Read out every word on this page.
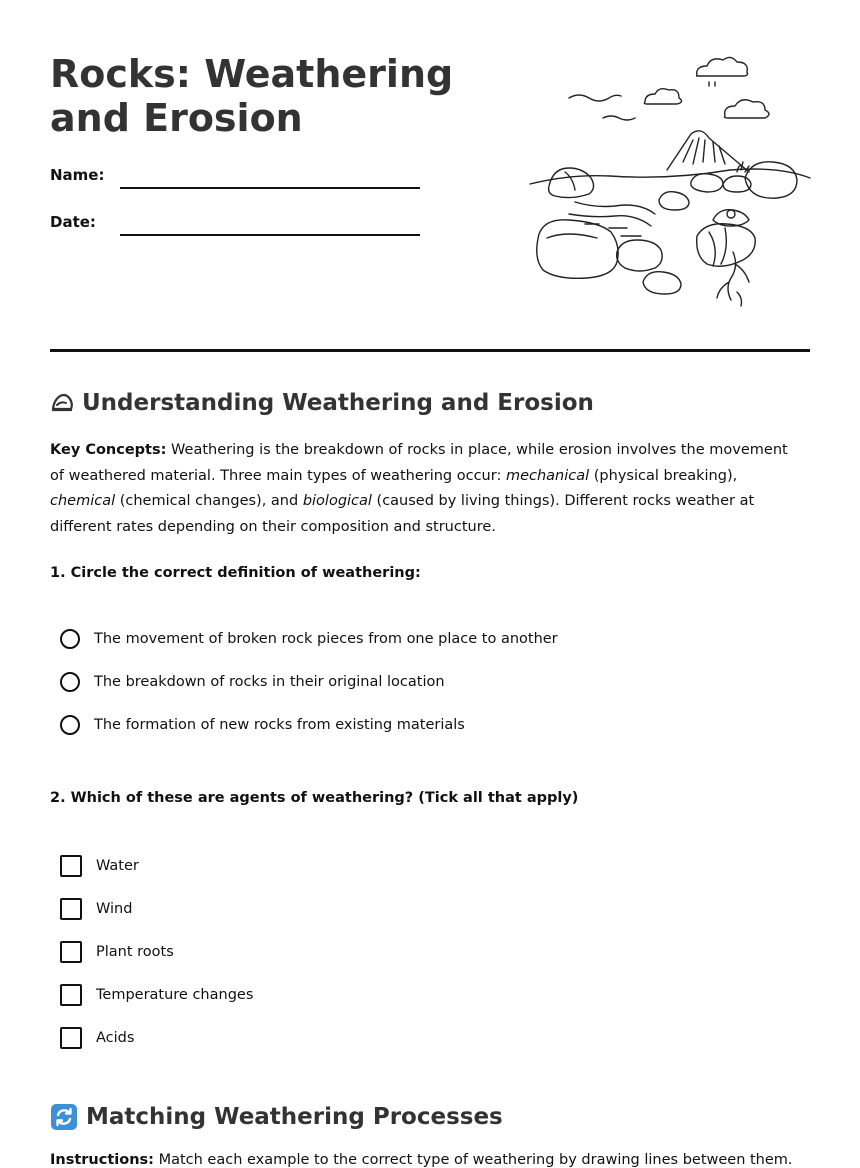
Rocks: Weathering and Erosion
Name:
Date:
Understanding Weathering and Erosion

Key Concepts: Weathering is the breakdown of rocks in place, while erosion involves the movement of weathered material. Three main types of weathering occur: mechanical (physical breaking), chemical (chemical changes), and biological (caused by living things). Different rocks weather at different rates depending on their composition and structure.

1. Circle the correct definition of weathering:

The movement of broken rock pieces from one place to another
The breakdown of rocks in their original location
The formation of new rocks from existing materials

2. Which of these are agents of weathering? (Tick all that apply)

Water
Wind
Plant roots
Temperature changes
Acids
Matching Weathering Processes
Instructions: Match each example to the correct type of weathering by drawing lines between them.
